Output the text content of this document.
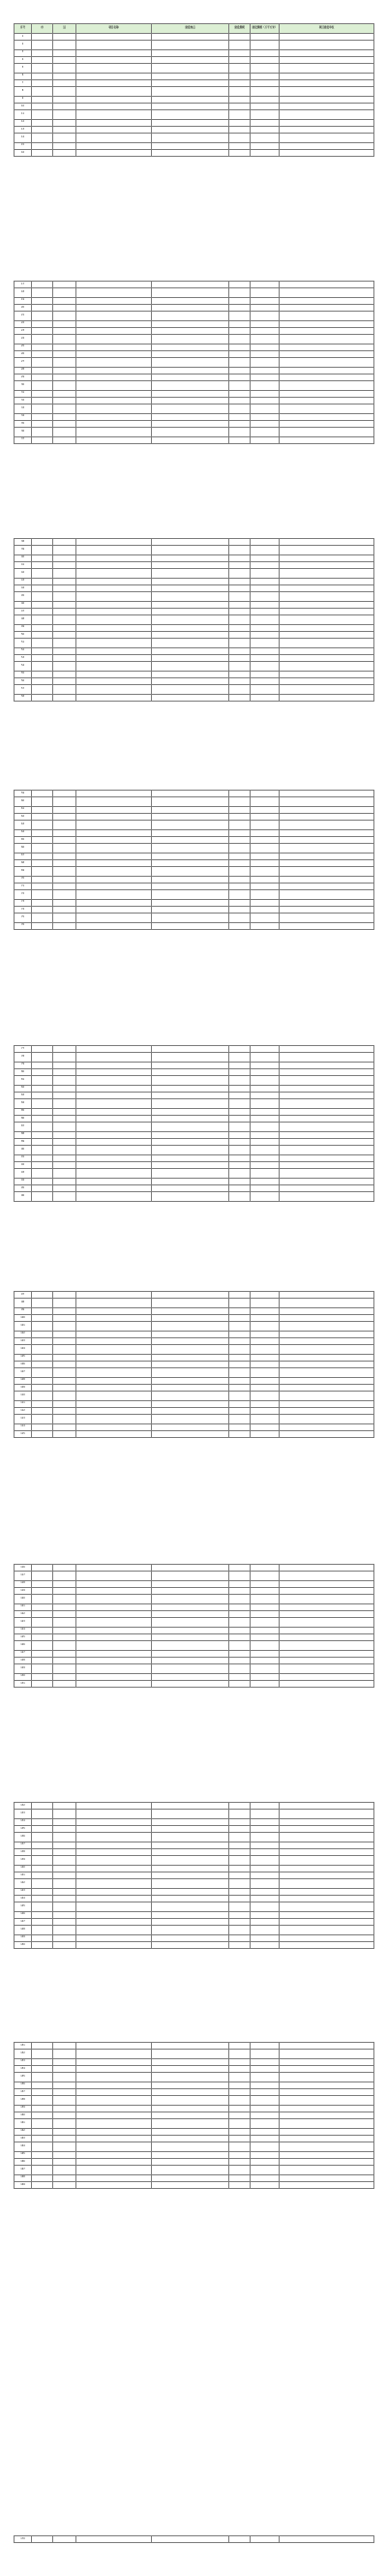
序号	市	县	项目名称	建设地点	建设规模	建设规模（万平方米）	项目建设单位
1							
2							
3							
4							
5							
6							
7							
8							
9							
10							
11							
12							
13							
14							
15							
16							
17							
18							
19							
20							
21							
22							
23							
24							
25							
26							
27							
28							
29							
30							
31							
32							
33							
34							
35							
36							
37							
38							
39							
40							
41							
42							
43							
44							
45							
46							
47							
48							
49							
50							
51							
52							
53							
54							
55							
56							
57							
58							
59							
60							
61							
62							
63							
64							
65							
66							
67							
68							
69							
70							
71							
72							
73							
74							
75							
76							
77							
78							
79							
80							
81							
82							
83							
84							
85							
86							
87							
88							
89							
90							
91							
92							
93							
94							
95							
96							
97							
98							
99							
100							
101							
102							
103							
104							
105							
106							
107							
108							
109							
110							
111							
112							
113							
114							
115							
116							
117							
118							
119							
120							
121							
122							
123							
124							
125							
126							
127							
128							
129							
130							
131							
132							
133							
134							
135							
136							
137							
138							
139							
140							
141							
142							
143							
144							
145							
146							
147							
148							
149							
150							
151							
152							
153							
154							
155							
156							
157							
158							
159							
160							
161							
162							
163							
164							
165							
166							
167							
168							
169							
170							
